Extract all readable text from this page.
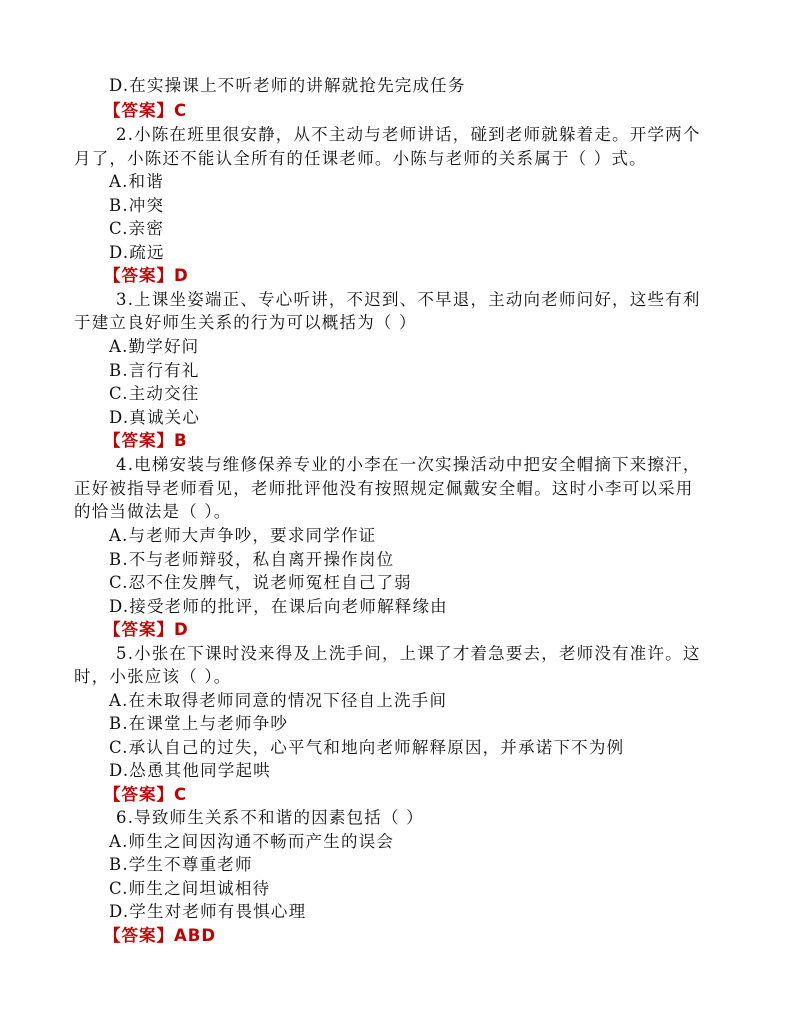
D.在实操课上不听老师的讲解就抢先完成任务
【答案】C
2.小陈在班里很安静，从不主动与老师讲话，碰到老师就躲着走。开学两个
月了，小陈还不能认全所有的任课老师。小陈与老师的关系属于（ ）式。
A.和谐
B.冲突
C.亲密
D.疏远
【答案】D
3.上课坐姿端正、专心听讲，不迟到、不早退，主动向老师问好，这些有利
于建立良好师生关系的行为可以概括为（ ）
A.勤学好问
B.言行有礼
C.主动交往
D.真诚关心
【答案】B
4.电梯安装与维修保养专业的小李在一次实操活动中把安全帽摘下来擦汗，
正好被指导老师看见，老师批评他没有按照规定佩戴安全帽。这时小李可以采用
的恰当做法是（ ）。
A.与老师大声争吵，要求同学作证
B.不与老师辩驳，私自离开操作岗位
C.忍不住发脾气，说老师冤枉自己了弱
D.接受老师的批评，在课后向老师解释缘由
【答案】D
5.小张在下课时没来得及上洗手间，上课了才着急要去，老师没有准许。这
时，小张应该（ ）。
A.在未取得老师同意的情况下径自上洗手间
B.在课堂上与老师争吵
C.承认自己的过失，心平气和地向老师解释原因，并承诺下不为例
D.怂恿其他同学起哄
【答案】C
6.导致师生关系不和谐的因素包括（ ）
A.师生之间因沟通不畅而产生的误会
B.学生不尊重老师
C.师生之间坦诚相待
D.学生对老师有畏惧心理
【答案】ABD
